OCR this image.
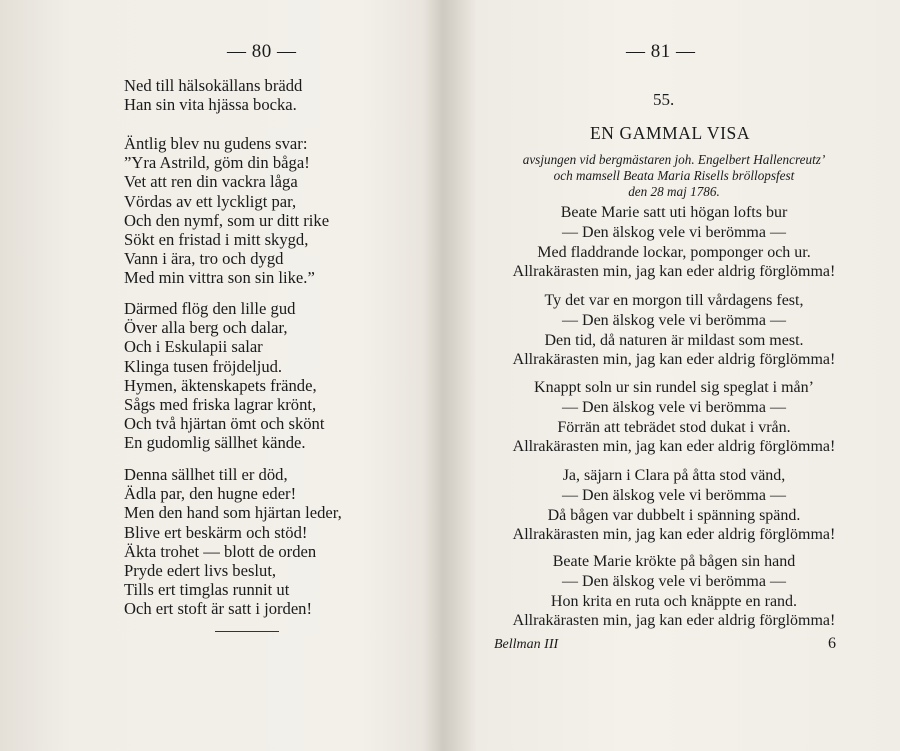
— 80 —
Ned till hälsokällans brädd
Han sin vita hjässa bocka.
Äntlig blev nu gudens svar:
”Yra Astrild, göm din båga!
Vet att ren din vackra låga
Vördas av ett lyckligt par,
Och den nymf, som ur ditt rike
Sökt en fristad i mitt skygd,
Vann i ära, tro och dygd
Med min vittra son sin like.”
Därmed flög den lille gud
Över alla berg och dalar,
Och i Eskulapii salar
Klinga tusen fröjdeljud.
Hymen, äktenskapets frände,
Sågs med friska lagrar krönt,
Och två hjärtan ömt och skönt
En gudomlig sällhet kände.
Denna sällhet till er död,
Ädla par, den hugne eder!
Men den hand som hjärtan leder,
Blive ert beskärm och stöd!
Äkta trohet — blott de orden
Pryde edert livs beslut,
Tills ert timglas runnit ut
Och ert stoft är satt i jorden!
— 81 —
55.
EN GAMMAL VISA
avsjungen vid bergmästaren joh. Engelbert Hallencreutz’
och mamsell Beata Maria Risells bröllopsfest
den 28 maj 1786.
Beate Marie satt uti högan lofts bur
— Den älskog vele vi berömma —
Med fladdrande lockar, pomponger och ur.
Allrakärasten min, jag kan eder aldrig förglömma!
Ty det var en morgon till vårdagens fest,
— Den älskog vele vi berömma —
Den tid, då naturen är mildast som mest.
Allrakärasten min, jag kan eder aldrig förglömma!
Knappt soln ur sin rundel sig speglat i mån’
— Den älskog vele vi berömma —
Förrän att tebrädet stod dukat i vrån.
Allrakärasten min, jag kan eder aldrig förglömma!
Ja, säjarn i Clara på åtta stod vänd,
— Den älskog vele vi berömma —
Då bågen var dubbelt i spänning spänd.
Allrakärasten min, jag kan eder aldrig förglömma!
Beate Marie krökte på bågen sin hand
— Den älskog vele vi berömma —
Hon krita en ruta och knäppte en rand.
Allrakärasten min, jag kan eder aldrig förglömma!
Bellman III	6
